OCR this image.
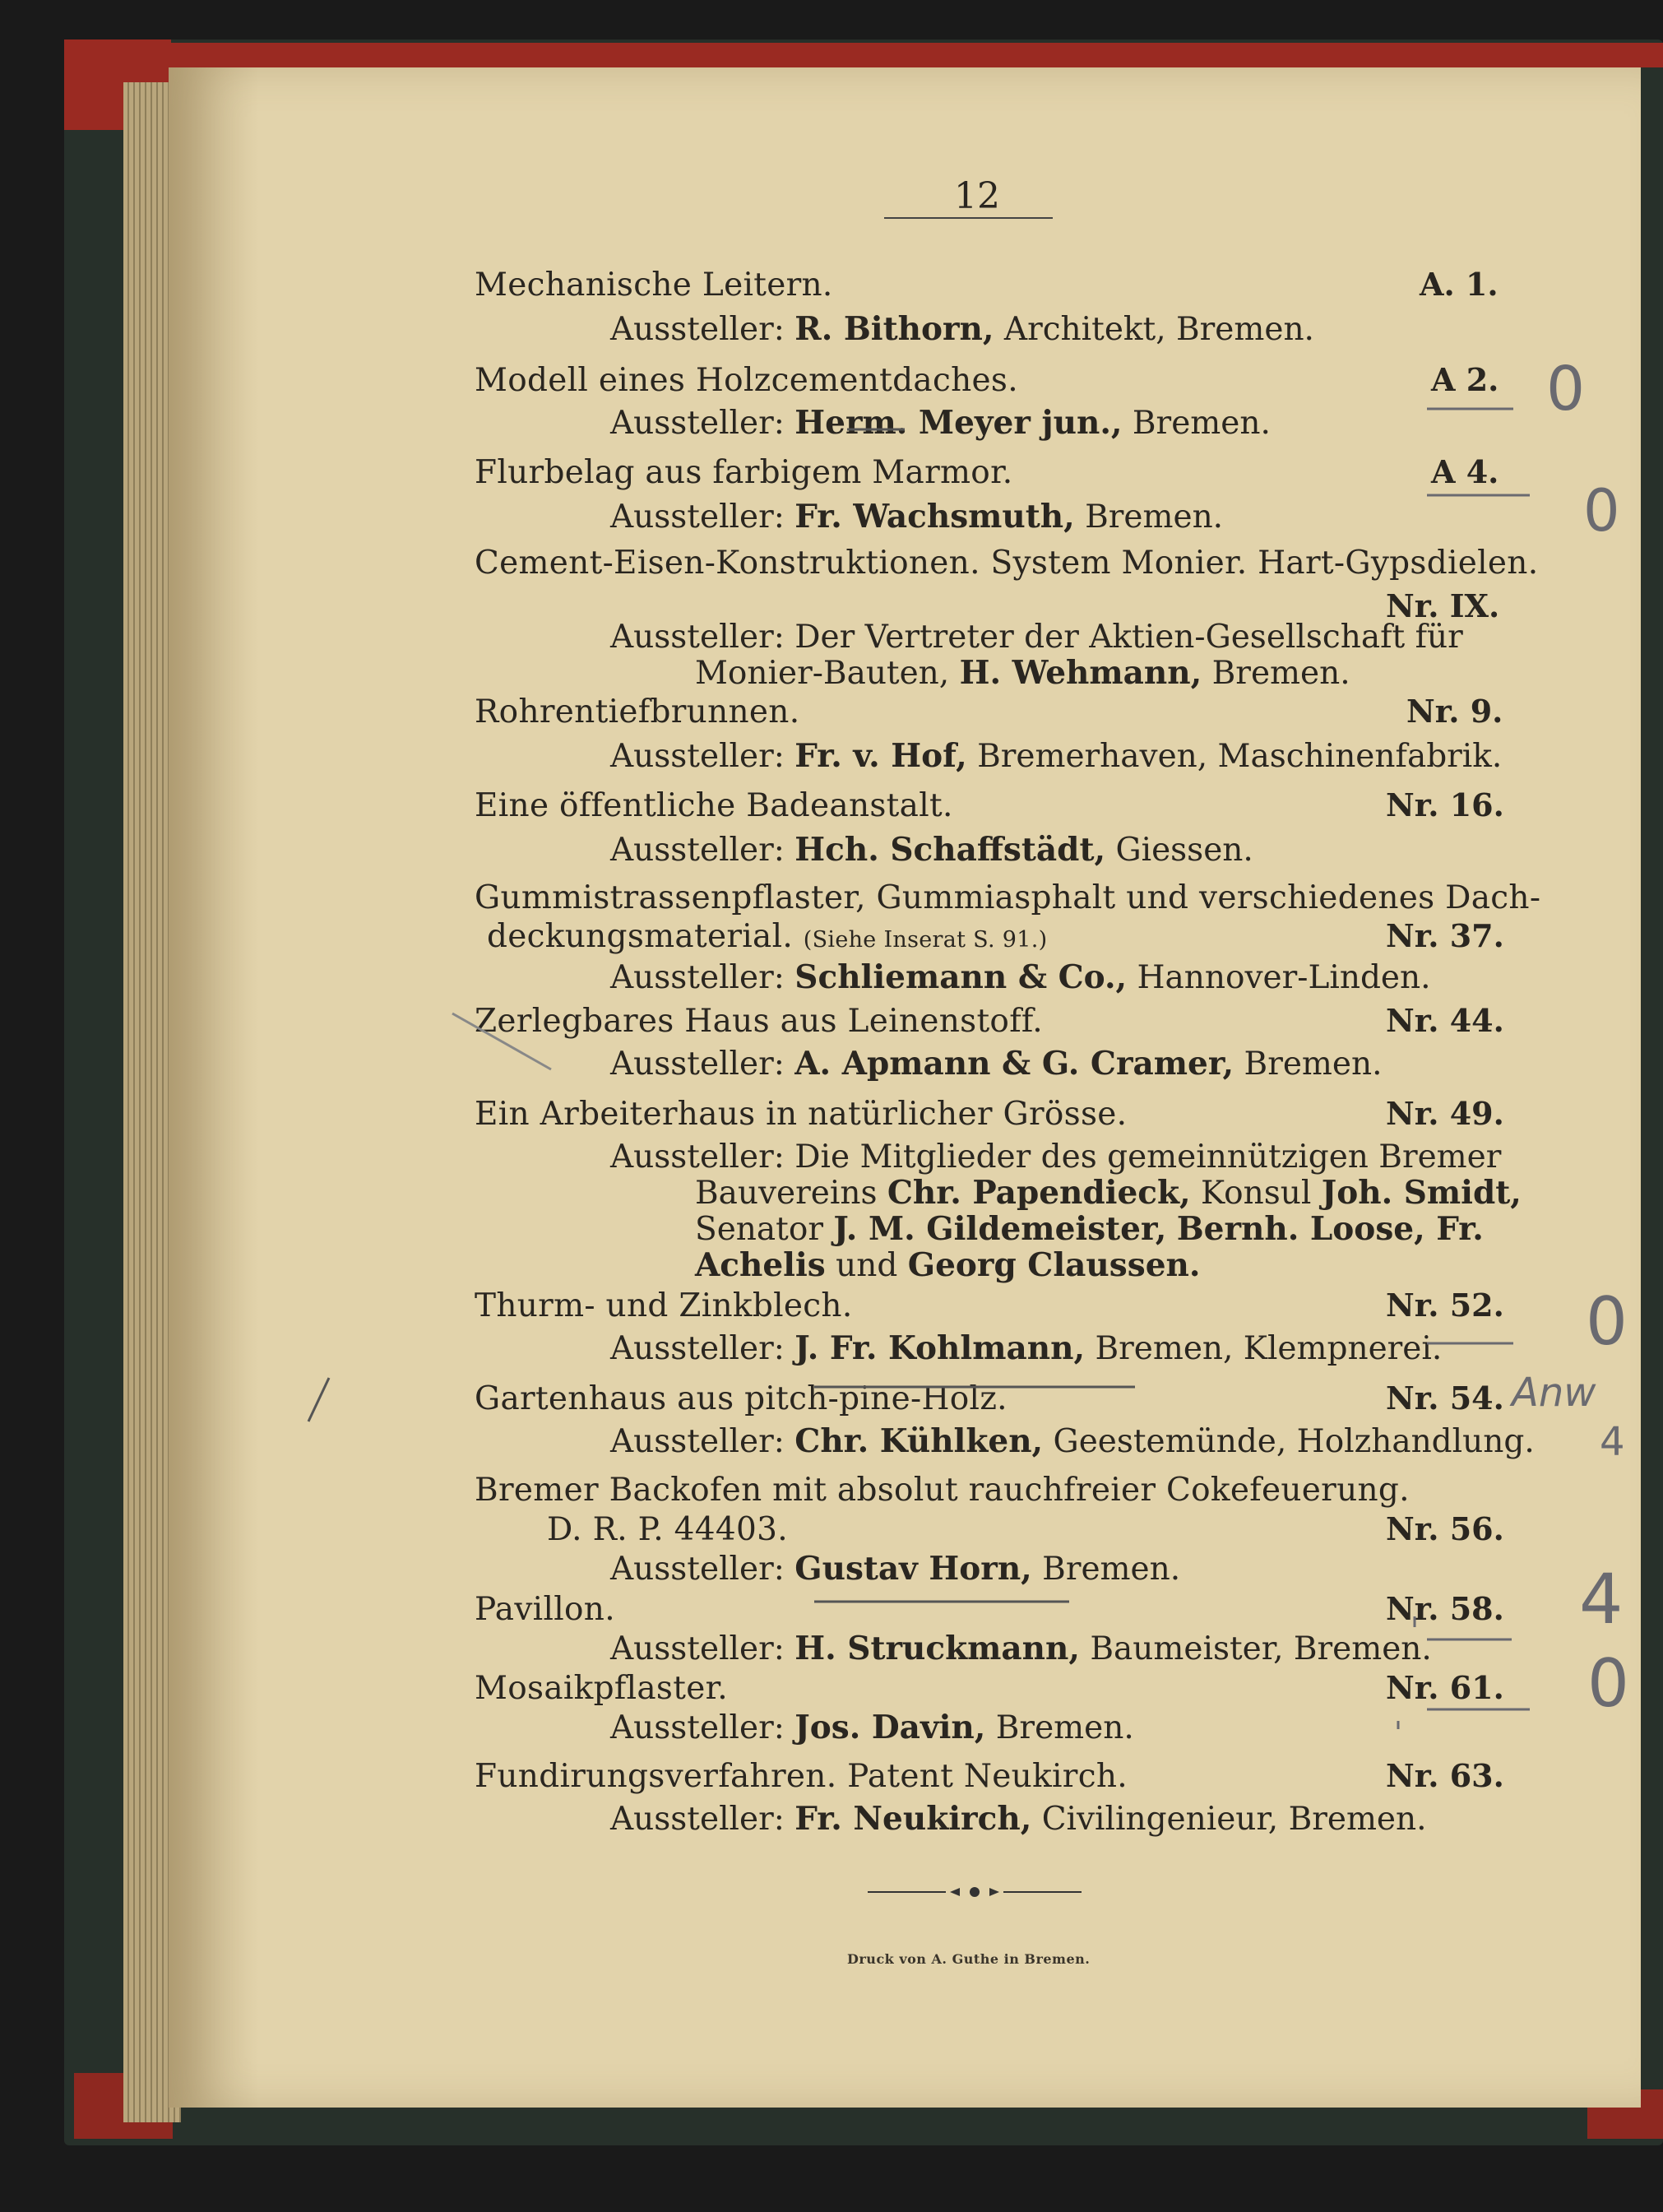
12
Mechanische Leitern.	A. 1.
Aussteller: R. Bithorn, Architekt, Bremen.
Modell eines Holzcementdaches.	A 2.
Aussteller: Herm. Meyer jun., Bremen.
Flurbelag aus farbigem Marmor.	A 4.
Aussteller: Fr. Wachsmuth, Bremen.
Cement-Eisen-Konstruktionen. System Monier. Hart-Gypsdielen.
Nr. IX.
Aussteller: Der Vertreter der Aktien-Gesellschaft für
Monier-Bauten, H. Wehmann, Bremen.
Rohrentiefbrunnen.	Nr. 9.
Aussteller: Fr. v. Hof, Bremerhaven, Maschinenfabrik.
Eine öffentliche Badeanstalt.	Nr. 16.
Aussteller: Hch. Schaffstädt, Giessen.
Gummistrassenpflaster, Gummiasphalt und verschiedenes Dach-
deckungsmaterial. (Siehe Inserat S. 91.)	Nr. 37.
Aussteller: Schliemann & Co., Hannover-Linden.
Zerlegbares Haus aus Leinenstoff.	Nr. 44.
Aussteller: A. Apmann & G. Cramer, Bremen.
Ein Arbeiterhaus in natürlicher Grösse.	Nr. 49.
Aussteller: Die Mitglieder des gemeinnützigen Bremer
Bauvereins Chr. Papendieck, Konsul Joh. Smidt,
Senator J. M. Gildemeister, Bernh. Loose, Fr.
Achelis und Georg Claussen.
Thurm- und Zinkblech.	Nr. 52.
Aussteller: J. Fr. Kohlmann, Bremen, Klempnerei.
Gartenhaus aus pitch-pine-Holz.	Nr. 54.
Aussteller: Chr. Kühlken, Geestemünde, Holzhandlung.
Bremer Backofen mit absolut rauchfreier Cokefeuerung.
D. R. P. 44403.	Nr. 56.
Aussteller: Gustav Horn, Bremen.
Pavillon.	Nr. 58.
Aussteller: H. Struckmann, Baumeister, Bremen.
Mosaikpflaster.	Nr. 61.
Aussteller: Jos. Davin, Bremen.
Fundirungsverfahren. Patent Neukirch.	Nr. 63.
Aussteller: Fr. Neukirch, Civilingenieur, Bremen.
Druck von A. Guthe in Bremen.
0
0
0
Anw
4
4
0
